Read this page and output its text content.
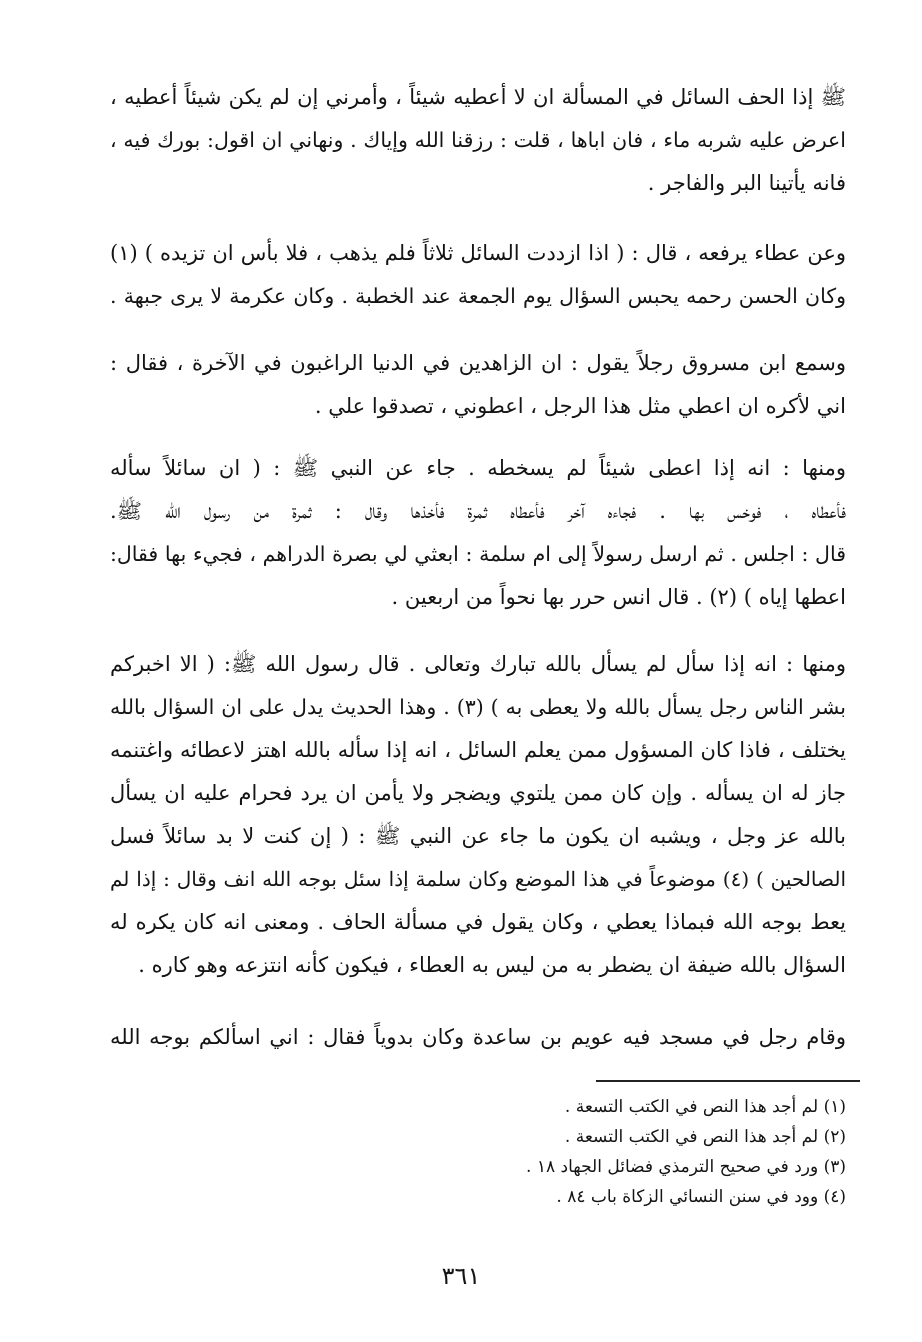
ﷺ إذا الحف السائل في المسألة ان لا أعطيه شيئاً ، وأمرني إن لم يكن شيئاً أعطيه ،
اعرض عليه شربه ماء ، فان اباها ، قلت : رزقنا الله وإياك . ونهاني ان اقول: بورك فيه ،
فانه يأتينا البر والفاجر .
وعن عطاء يرفعه ، قال : ( اذا ازددت السائل ثلاثاً فلم يذهب ، فلا بأس ان تزيده ) (١)
وكان الحسن رحمه يحبس السؤال يوم الجمعة عند الخطبة . وكان عكرمة لا يرى جبهة .
وسمع ابن مسروق رجلاً يقول : ان الزاهدين في الدنيا الراغبون في الآخرة ، فقال :
اني لأكره ان اعطي مثل هذا الرجل ، اعطوني ، تصدقوا علي .
ومنها : انه إذا اعطى شيئاً لم يسخطه . جاء عن النبي ﷺ : ( ان سائلاً سأله
فأعطاه ، فوخس بها . فجاءه آخر فأعطاه ثمرة فأخذها وقال : ثمرة من رسول الله ﷺ.
قال : اجلس . ثم ارسل رسولاً إلى ام سلمة : ابعثي لي بصرة الدراهم ، فجيء بها فقال:
اعطها إياه ) (٢) . قال انس حرر بها نحواً من اربعين .
ومنها : انه إذا سأل لم يسأل بالله تبارك وتعالى . قال رسول الله ﷺ: ( الا اخبركم
بشر الناس رجل يسأل بالله ولا يعطى به ) (٣) . وهذا الحديث يدل على ان السؤال بالله
يختلف ، فاذا كان المسؤول ممن يعلم السائل ، انه إذا سأله بالله اهتز لاعطائه واغتنمه
جاز له ان يسأله . وإن كان ممن يلتوي ويضجر ولا يأمن ان يرد فحرام عليه ان يسأل
بالله عز وجل ، ويشبه ان يكون ما جاء عن النبي ﷺ : ( إن كنت لا بد سائلاً فسل
الصالحين ) (٤) موضوعاً في هذا الموضع وكان سلمة إذا سئل بوجه الله انف وقال : إذا لم
يعط بوجه الله فبماذا يعطي ، وكان يقول في مسألة الحاف . ومعنى انه كان يكره له
السؤال بالله ضيفة ان يضطر به من ليس به العطاء ، فيكون كأنه انتزعه وهو كاره .
وقام رجل في مسجد فيه عويم بن ساعدة وكان بدوياً فقال : اني اسألكم بوجه الله
(١) لم أجد هذا النص في الكتب التسعة .
(٢) لم أجد هذا النص في الكتب التسعة .
(٣) ورد في صحيح الترمذي فضائل الجهاد ١٨ .
(٤) وود في سنن النسائي الزكاة باب ٨٤ .
٣٦١
